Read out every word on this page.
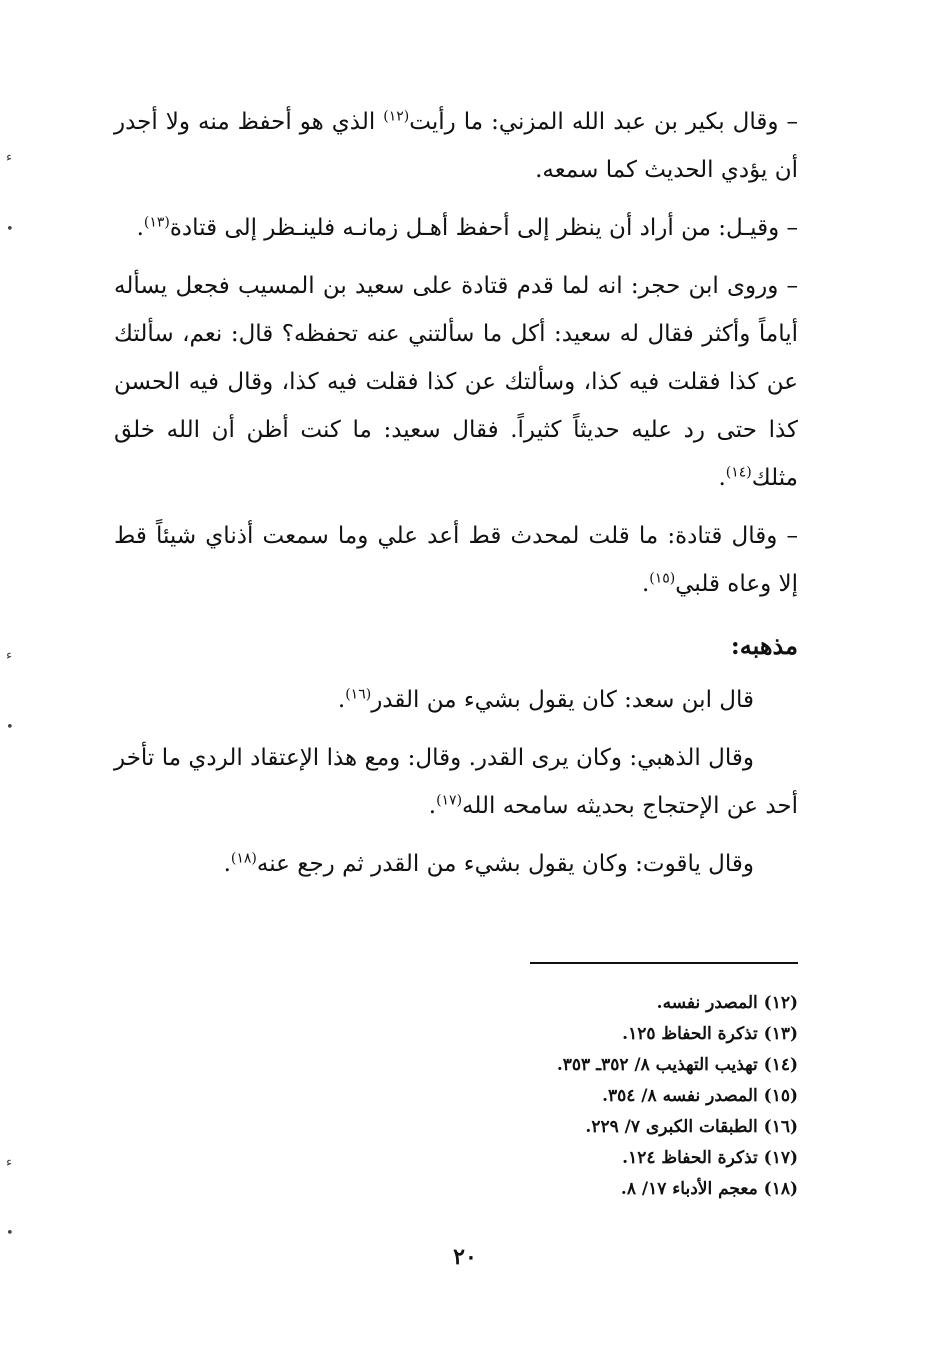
– وقال بكير بن عبد الله المزني: ما رأيت$^{(١٢)}$ الذي هو أحفظ منه ولا أجدر أن يؤدي الحديث كما سمعه.

– وقيـل: من أراد أن ينظر إلى أحفظ أهـل زمانـه فلينـظر إلى قتادة$^{(١٣)}$.

– وروى ابن حجر: انه لما قدم قتادة على سعيد بن المسيب فجعل يسأله أياماً وأكثر فقال له سعيد: أكل ما سألتني عنه تحفظه؟ قال: نعم، سألتك عن كذا فقلت فيه كذا، وسألتك عن كذا فقلت فيه كذا، وقال فيه الحسن كذا حتى رد عليه حديثاً كثيراً. فقال سعيد: ما كنت أظن أن الله خلق مثلك$^{(١٤)}$.

– وقال قتادة: ما قلت لمحدث قط أعد علي وما سمعت أذناي شيئاً قط إلا وعاه قلبي$^{(١٥)}$.

مذهبه:

قال ابن سعد: كان يقول بشيء من القدر$^{(١٦)}$.

وقال الذهبي: وكان يرى القدر. وقال: ومع هذا الإعتقاد الردي ما تأخر أحد عن الإحتجاج بحديثه سامحه الله$^{(١٧)}$.

وقال ياقوت: وكان يقول بشيء من القدر ثم رجع عنه$^{(١٨)}$.

(١٢) المصدر نفسه.

(١٣) تذكرة الحفاظ ١٢٥.

(١٤) تهذيب التهذيب ٨/ ٣٥٢ـ ٣٥٣.

(١٥) المصدر نفسه ٨/ ٣٥٤.

(١٦) الطبقات الكبرى ٧/ ٢٢٩.

(١٧) تذكرة الحفاظ ١٢٤.

(١٨) معجم الأدباء ١٧/ ٨.

٢٠
ء
•
ء
•
ء
•
